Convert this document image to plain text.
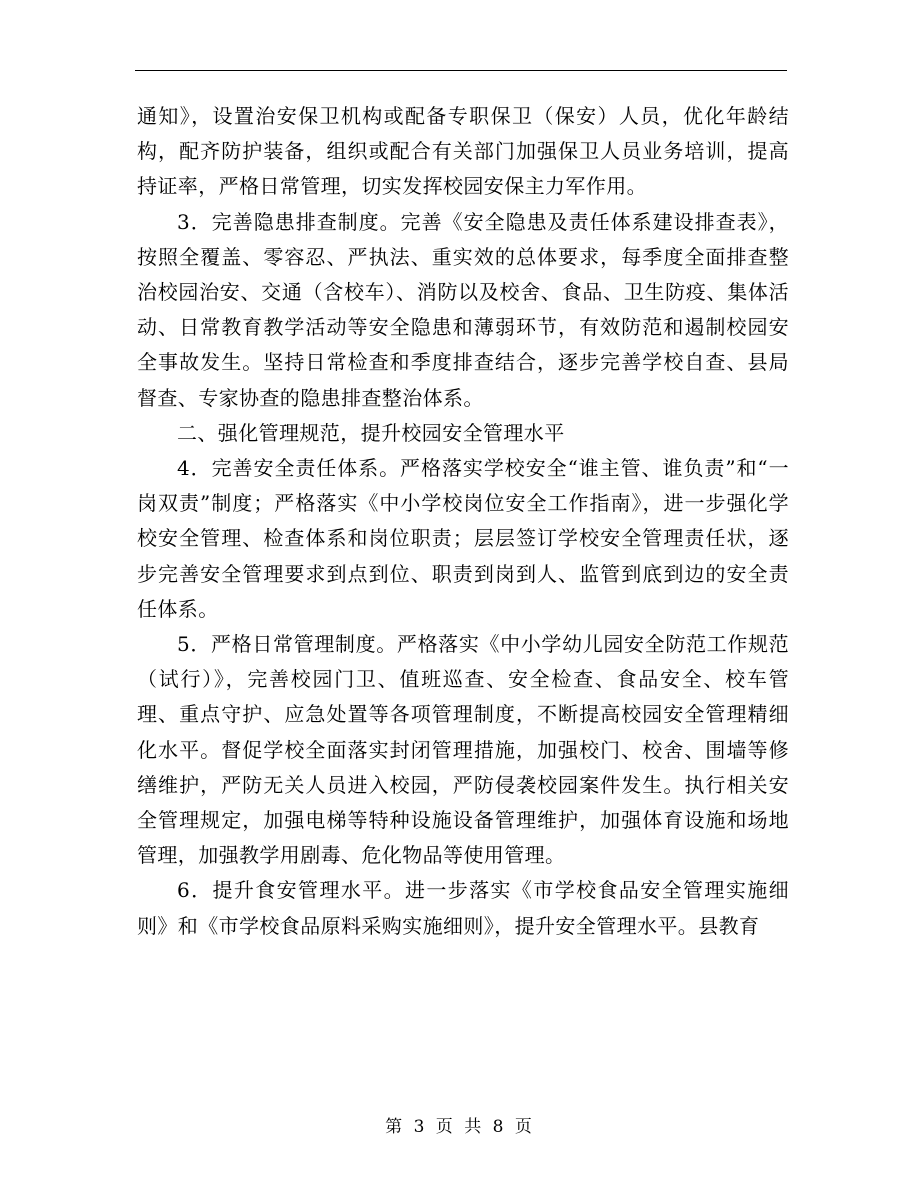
通知》，设置治安保卫机构或配备专职保卫（保安）人员，优化年龄结构，配齐防护装备，组织或配合有关部门加强保卫人员业务培训，提高持证率，严格日常管理，切实发挥校园安保主力军作用。

3．完善隐患排查制度。完善《安全隐患及责任体系建设排查表》，按照全覆盖、零容忍、严执法、重实效的总体要求，每季度全面排查整治校园治安、交通（含校车）、消防以及校舍、食品、卫生防疫、集体活动、日常教育教学活动等安全隐患和薄弱环节，有效防范和遏制校园安全事故发生。坚持日常检查和季度排查结合，逐步完善学校自查、县局督查、专家协查的隐患排查整治体系。

二、强化管理规范，提升校园安全管理水平

4．完善安全责任体系。严格落实学校安全“谁主管、谁负责”和“一岗双责”制度；严格落实《中小学校岗位安全工作指南》，进一步强化学校安全管理、检查体系和岗位职责；层层签订学校安全管理责任状，逐步完善安全管理要求到点到位、职责到岗到人、监管到底到边的安全责任体系。

5．严格日常管理制度。严格落实《中小学幼儿园安全防范工作规范（试行）》，完善校园门卫、值班巡查、安全检查、食品安全、校车管理、重点守护、应急处置等各项管理制度，不断提高校园安全管理精细化水平。督促学校全面落实封闭管理措施，加强校门、校舍、围墙等修缮维护，严防无关人员进入校园，严防侵袭校园案件发生。执行相关安全管理规定，加强电梯等特种设施设备管理维护，加强体育设施和场地管理，加强教学用剧毒、危化物品等使用管理。

6．提升食安管理水平。进一步落实《市学校食品安全管理实施细则》和《市学校食品原料采购实施细则》，提升安全管理水平。县教育

第 3 页 共 8 页
